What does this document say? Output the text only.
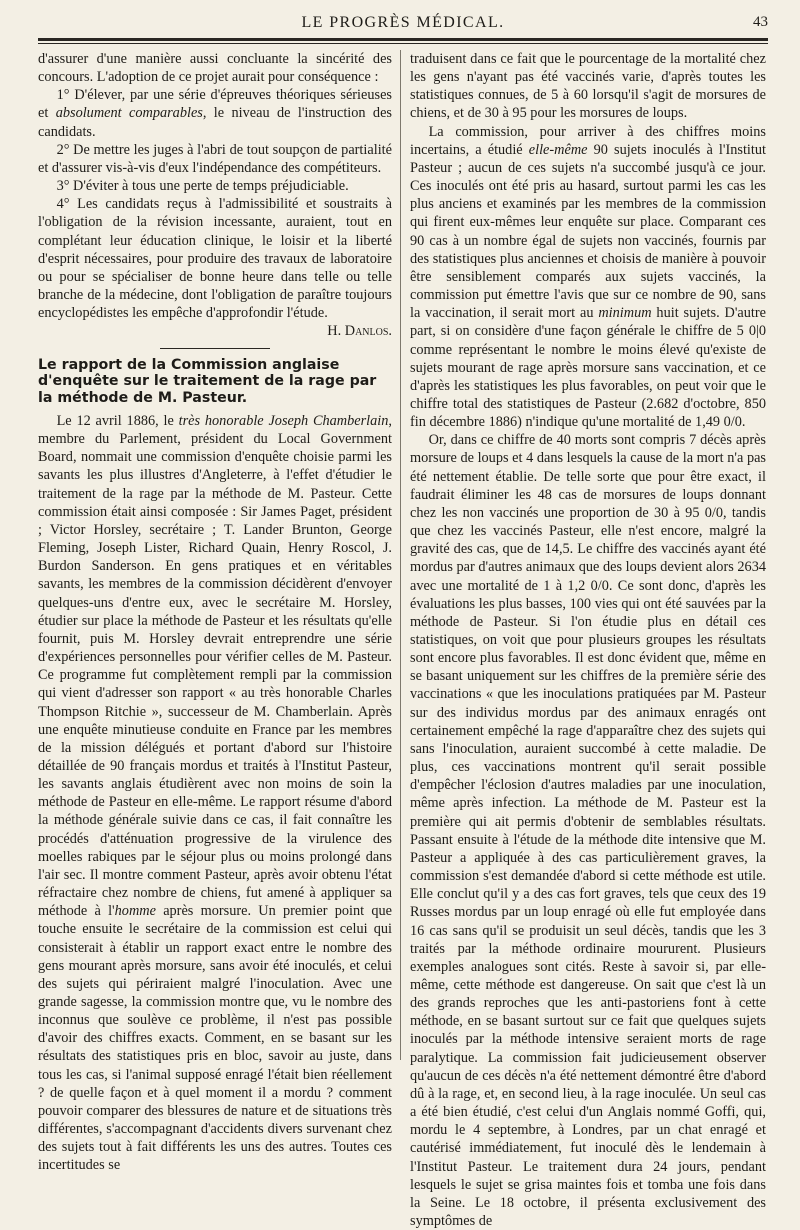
LE PROGRÈS MÉDICAL.	43

d'assurer d'une manière aussi concluante la sincérité des concours. L'adoption de ce projet aurait pour conséquence :

1° D'élever, par une série d'épreuves théoriques sérieuses et absolument comparables, le niveau de l'instruction des candidats.

2° De mettre les juges à l'abri de tout soupçon de partialité et d'assurer vis-à-vis d'eux l'indépendance des compétiteurs.

3° D'éviter à tous une perte de temps préjudiciable.

4° Les candidats reçus à l'admissibilité et soustraits à l'obligation de la révision incessante, auraient, tout en complétant leur éducation clinique, le loisir et la liberté d'esprit nécessaires, pour produire des travaux de laboratoire ou pour se spécialiser de bonne heure dans telle ou telle branche de la médecine, dont l'obligation de paraître toujours encyclopédistes les empêche d'approfondir l'étude.

H. Danlos.

Le rapport de la Commission anglaise d'enquête sur le traitement de la rage par la méthode de M. Pasteur.

Le 12 avril 1886, le très honorable Joseph Chamberlain, membre du Parlement, président du Local Government Board, nommait une commission d'enquête choisie parmi les savants les plus illustres d'Angleterre, à l'effet d'étudier le traitement de la rage par la méthode de M. Pasteur. Cette commission était ainsi composée : Sir James Paget, président ; Victor Horsley, secrétaire ; T. Lander Brunton, George Fleming, Joseph Lister, Richard Quain, Henry Roscol, J. Burdon Sanderson. En gens pratiques et en véritables savants, les membres de la commission décidèrent d'envoyer quelques-uns d'entre eux, avec le secrétaire M. Horsley, étudier sur place la méthode de Pasteur et les résultats qu'elle fournit, puis M. Horsley devrait entreprendre une série d'expériences personnelles pour vérifier celles de M. Pasteur. Ce programme fut complètement rempli par la commission qui vient d'adresser son rapport « au très honorable Charles Thompson Ritchie », successeur de M. Chamberlain. Après une enquête minutieuse conduite en France par les membres de la mission délégués et portant d'abord sur l'histoire détaillée de 90 français mordus et traités à l'Institut Pasteur, les savants anglais étudièrent avec non moins de soin la méthode de Pasteur en elle-même. Le rapport résume d'abord la méthode générale suivie dans ce cas, il fait connaître les procédés d'atténuation progressive de la virulence des moelles rabiques par le séjour plus ou moins prolongé dans l'air sec. Il montre comment Pasteur, après avoir obtenu l'état réfractaire chez nombre de chiens, fut amené à appliquer sa méthode à l'homme après morsure. Un premier point que touche ensuite le secrétaire de la commission est celui qui consisterait à établir un rapport exact entre le nombre des gens mourant après morsure, sans avoir été inoculés, et celui des sujets qui périraient malgré l'inoculation. Avec une grande sagesse, la commission montre que, vu le nombre des inconnus que soulève ce problème, il n'est pas possible d'avoir des chiffres exacts. Comment, en se basant sur les résultats des statistiques pris en bloc, savoir au juste, dans tous les cas, si l'animal supposé enragé l'était bien réellement ? de quelle façon et à quel moment il a mordu ? comment pouvoir comparer des blessures de nature et de situations très différentes, s'accompagnant d'accidents divers survenant chez des sujets tout à fait différents les uns des autres. Toutes ces incertitudes se

traduisent dans ce fait que le pourcentage de la mortalité chez les gens n'ayant pas été vaccinés varie, d'après toutes les statistiques connues, de 5 à 60 lorsqu'il s'agit de morsures de chiens, et de 30 à 95 pour les morsures de loups.

La commission, pour arriver à des chiffres moins incertains, a étudié elle-même 90 sujets inoculés à l'Institut Pasteur ; aucun de ces sujets n'a succombé jusqu'à ce jour. Ces inoculés ont été pris au hasard, surtout parmi les cas les plus anciens et examinés par les membres de la commission qui firent eux-mêmes leur enquête sur place. Comparant ces 90 cas à un nombre égal de sujets non vaccinés, fournis par des statistiques plus anciennes et choisis de manière à pouvoir être sensiblement comparés aux sujets vaccinés, la commission put émettre l'avis que sur ce nombre de 90, sans la vaccination, il serait mort au minimum huit sujets. D'autre part, si on considère d'une façon générale le chiffre de 5 0|0 comme représentant le nombre le moins élevé qu'existe de sujets mourant de rage après morsure sans vaccination, et ce d'après les statistiques les plus favorables, on peut voir que le chiffre total des statistiques de Pasteur (2.682 d'octobre, 850 fin décembre 1886) n'indique qu'une mortalité de 1,49 0/0.

Or, dans ce chiffre de 40 morts sont compris 7 décès après morsure de loups et 4 dans lesquels la cause de la mort n'a pas été nettement établie. De telle sorte que pour être exact, il faudrait éliminer les 48 cas de morsures de loups donnant chez les non vaccinés une proportion de 30 à 95 0/0, tandis que chez les vaccinés Pasteur, elle n'est encore, malgré la gravité des cas, que de 14,5. Le chiffre des vaccinés ayant été mordus par d'autres animaux que des loups devient alors 2634 avec une mortalité de 1 à 1,2 0/0. Ce sont donc, d'après les évaluations les plus basses, 100 vies qui ont été sauvées par la méthode de Pasteur. Si l'on étudie plus en détail ces statistiques, on voit que pour plusieurs groupes les résultats sont encore plus favorables. Il est donc évident que, même en se basant uniquement sur les chiffres de la première série des vaccinations « que les inoculations pratiquées par M. Pasteur sur des individus mordus par des animaux enragés ont certainement empêché la rage d'apparaître chez des sujets qui sans l'inoculation, auraient succombé à cette maladie. De plus, ces vaccinations montrent qu'il serait possible d'empêcher l'éclosion d'autres maladies par une inoculation, même après infection. La méthode de M. Pasteur est la première qui ait permis d'obtenir de semblables résultats. Passant ensuite à l'étude de la méthode dite intensive que M. Pasteur a appliquée à des cas particulièrement graves, la commission s'est demandée d'abord si cette méthode est utile. Elle conclut qu'il y a des cas fort graves, tels que ceux des 19 Russes mordus par un loup enragé où elle fut employée dans 16 cas sans qu'il se produisit un seul décès, tandis que les 3 traités par la méthode ordinaire moururent. Plusieurs exemples analogues sont cités. Reste à savoir si, par elle-même, cette méthode est dangereuse. On sait que c'est là un des grands reproches que les anti-pastoriens font à cette méthode, en se basant surtout sur ce fait que quelques sujets inoculés par la méthode intensive seraient morts de rage paralytique. La commission fait judicieusement observer qu'aucun de ces décès n'a été nettement démontré être d'abord dû à la rage, et, en second lieu, à la rage inoculée. Un seul cas a été bien étudié, c'est celui d'un Anglais nommé Goffi, qui, mordu le 4 septembre, à Londres, par un chat enragé et cautérisé immédiatement, fut inoculé dès le lendemain à l'Institut Pasteur. Le traitement dura 24 jours, pendant lesquels le sujet se grisa maintes fois et tomba une fois dans la Seine. Le 18 octobre, il présenta exclusivement des symptômes de
